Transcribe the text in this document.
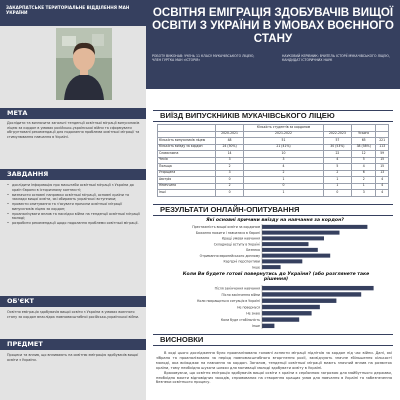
ЗАКАРПАТСЬКЕ ТЕРИТОРІАЛЬНЕ ВІДДІЛЕННЯ МАН УКРАЇНИ
МЕТА
Дослідити та визначити загальні тенденції освітньої міграції випускників ліцею за кордон в умовах російсько-української війни та сформувати обгрунтовані рекомендації для подолання проблеми освітньої міграції та стимулювання навчання в Україні.
ЗАВДАННЯ
• дослідити інформацію про масштаби освітньої міграції з України до країн Європи в історичному контексті;
• визначити основні напрямки освітньої міграції, основні країни та заклади вищої освіти, які обирають українські вступники;
• провести опитування та з'ясувати причини освітньої міграції випускників ліцею за кордон;
• проаналізувати вплив та наслідки війни на тенденції освітньої міграції молоді;
• розробити рекомендації щодо подолання проблеми освітньої міграції.
ОБ'ЄКТ
Освітня еміграція здобувачів вищої освіти з України в умовах воєнного стану за кордон внаслідок повномасштабної російсько-української війни.
ПРЕДМЕТ
Процеси та вплив, що впливають на освітню еміграцію здобувачів вищої освіти з України.
ОСВІТНЯ ЕМІГРАЦІЯ ЗДОБУВАЧІВ ВИЩОЇ ОСВІТИ З УКРАЇНИ В УМОВАХ ВОЄННОГО СТАНУ
РОБОТУ ВИКОНАВ: УЧЕНЬ 11 КЛАСУ МУКАЧІВСЬКОГО ЛІЦЕЮ, ЧЛЕН ГУРТКА МАН «ІСТОРІЯ»
НАУКОВИЙ КЕРІВНИК: ВЧИТЕЛЬ ІСТОРІЇ МУКАЧІВСЬКОГО ЛІЦЕЮ, КАНДИДАТ ІСТОРИЧНИХ НАУК
ВИЇЗД ВИПУСКНИКІВ МУКАЧІВСЬКОГО ЛІЦЕЮ
		Кількість студентів за кордоном			
	2020-2021	2021-2022	2022-2023	Усього	
Кількість випускників ліцею	48	51	57	65	221
Кількість виїзду за кордон	24 (50%)	21 (41%)	30 (53%)	38 (58%)	113
Словаччина	14	10	22	12	59
Чехія	3	3	4	5	15
Польща	2	4	5	4	15
Угорщина	3	2	2	6	13
Австрія	0	1	1	2	4
Німеччина	2	0	1	1	4
Інші	0	1	0	3	4
РЕЗУЛЬТАТИ ОНЛАЙН-ОПИТУВАННЯ
Які основні причини виїзду на навчання за кордон?
Престижність вищої освіти за кордоном
Бажання пожити і навчатися в Європі
Кращі умови навчання
Складнощі вступу в Україні
Безпека
Отримання європейського диплому
Кар'єрні перспективи
Інше
Коли Ви будете готові повернутись до України? (або розглянете таке рішення)
Після закінчення навчання
Після закінчення війни
Коли покращиться ситуація в Україні
Не повернуся
Не знаю
Коли буде стабільність
Інше
ВИСНОВКИ

В ході цього дослідження було проаналізовано головні аспекти міграції підлітків за кордон під час війни. Дані, які зібрано та проаналізовано за період повномасштабного вторгнення росії, засвідчують значне збільшення кількості молоді, яка виїжджає на навчання за кордон. Загалом, тенденції освітньої міграції мають значний вплив на розвиток країни, тому необхідно шукати шляхи для мотивації молоді здобувати освіту в Україні.

Враховуючи, що освітня еміграція здобувачів вищої освіти з країни є серйозною загрозою для майбутнього держави, необхідно вжити відповідних заходів, спрямованих на створення кращих умов для навчання в Україні та забезпечення безпеки освітнього процесу.
